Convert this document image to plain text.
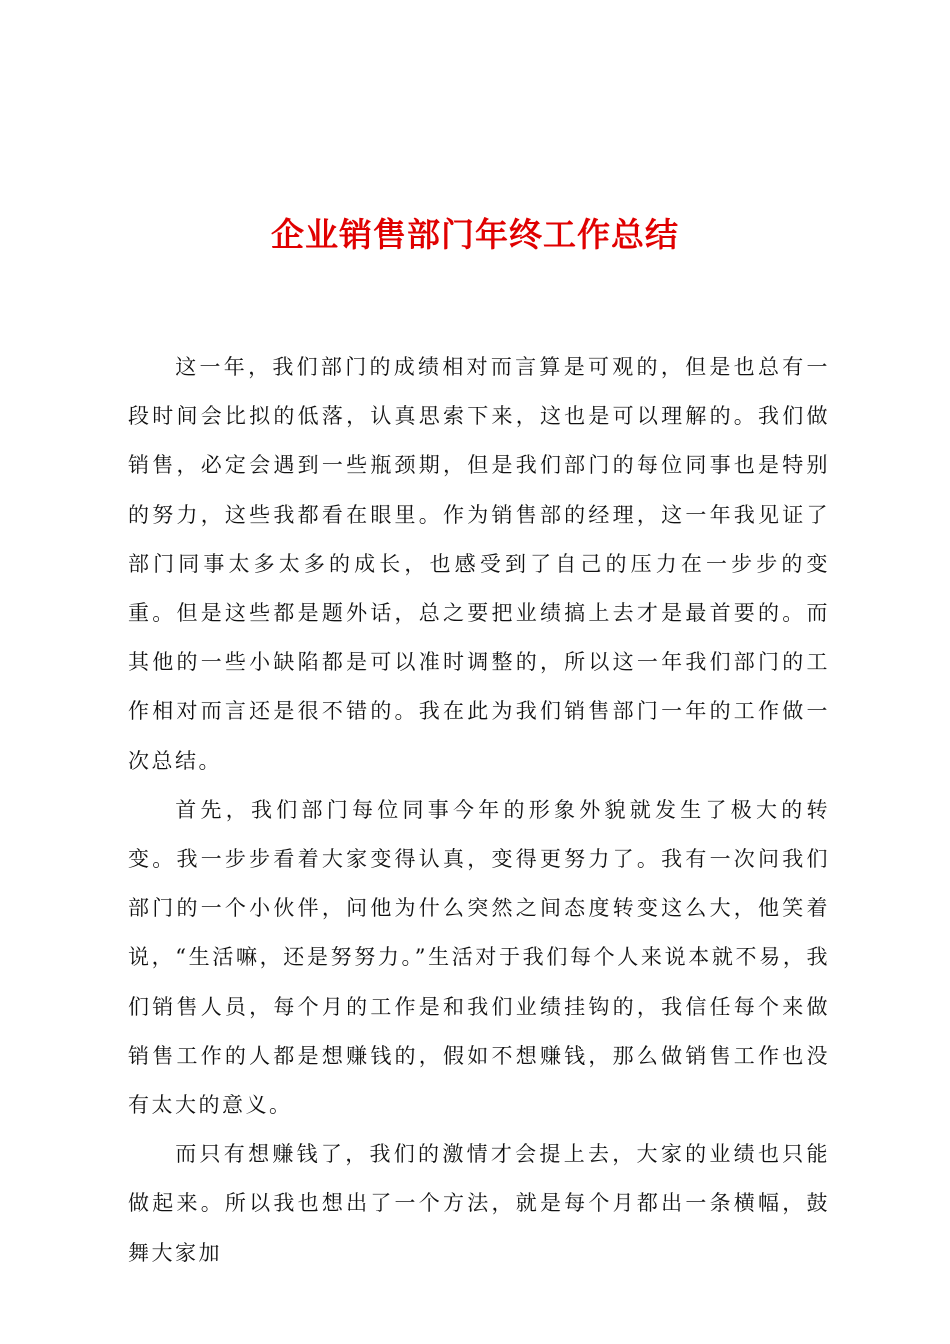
企业销售部门年终工作总结

这一年，我们部门的成绩相对而言算是可观的，但是也总有一段时间会比拟的低落，认真思索下来，这也是可以理解的。我们做销售，必定会遇到一些瓶颈期，但是我们部门的每位同事也是特别的努力，这些我都看在眼里。作为销售部的经理，这一年我见证了部门同事太多太多的成长，也感受到了自己的压力在一步步的变重。但是这些都是题外话，总之要把业绩搞上去才是最首要的。而其他的一些小缺陷都是可以准时调整的，所以这一年我们部门的工作相对而言还是很不错的。我在此为我们销售部门一年的工作做一次总结。

首先，我们部门每位同事今年的形象外貌就发生了极大的转变。我一步步看着大家变得认真，变得更努力了。我有一次问我们部门的一个小伙伴，问他为什么突然之间态度转变这么大，他笑着说，“生活嘛，还是努努力。”生活对于我们每个人来说本就不易，我们销售人员，每个月的工作是和我们业绩挂钩的，我信任每个来做销售工作的人都是想赚钱的，假如不想赚钱，那么做销售工作也没有太大的意义。

而只有想赚钱了，我们的激情才会提上去，大家的业绩也只能做起来。所以我也想出了一个方法，就是每个月都出一条横幅，鼓舞大家加
